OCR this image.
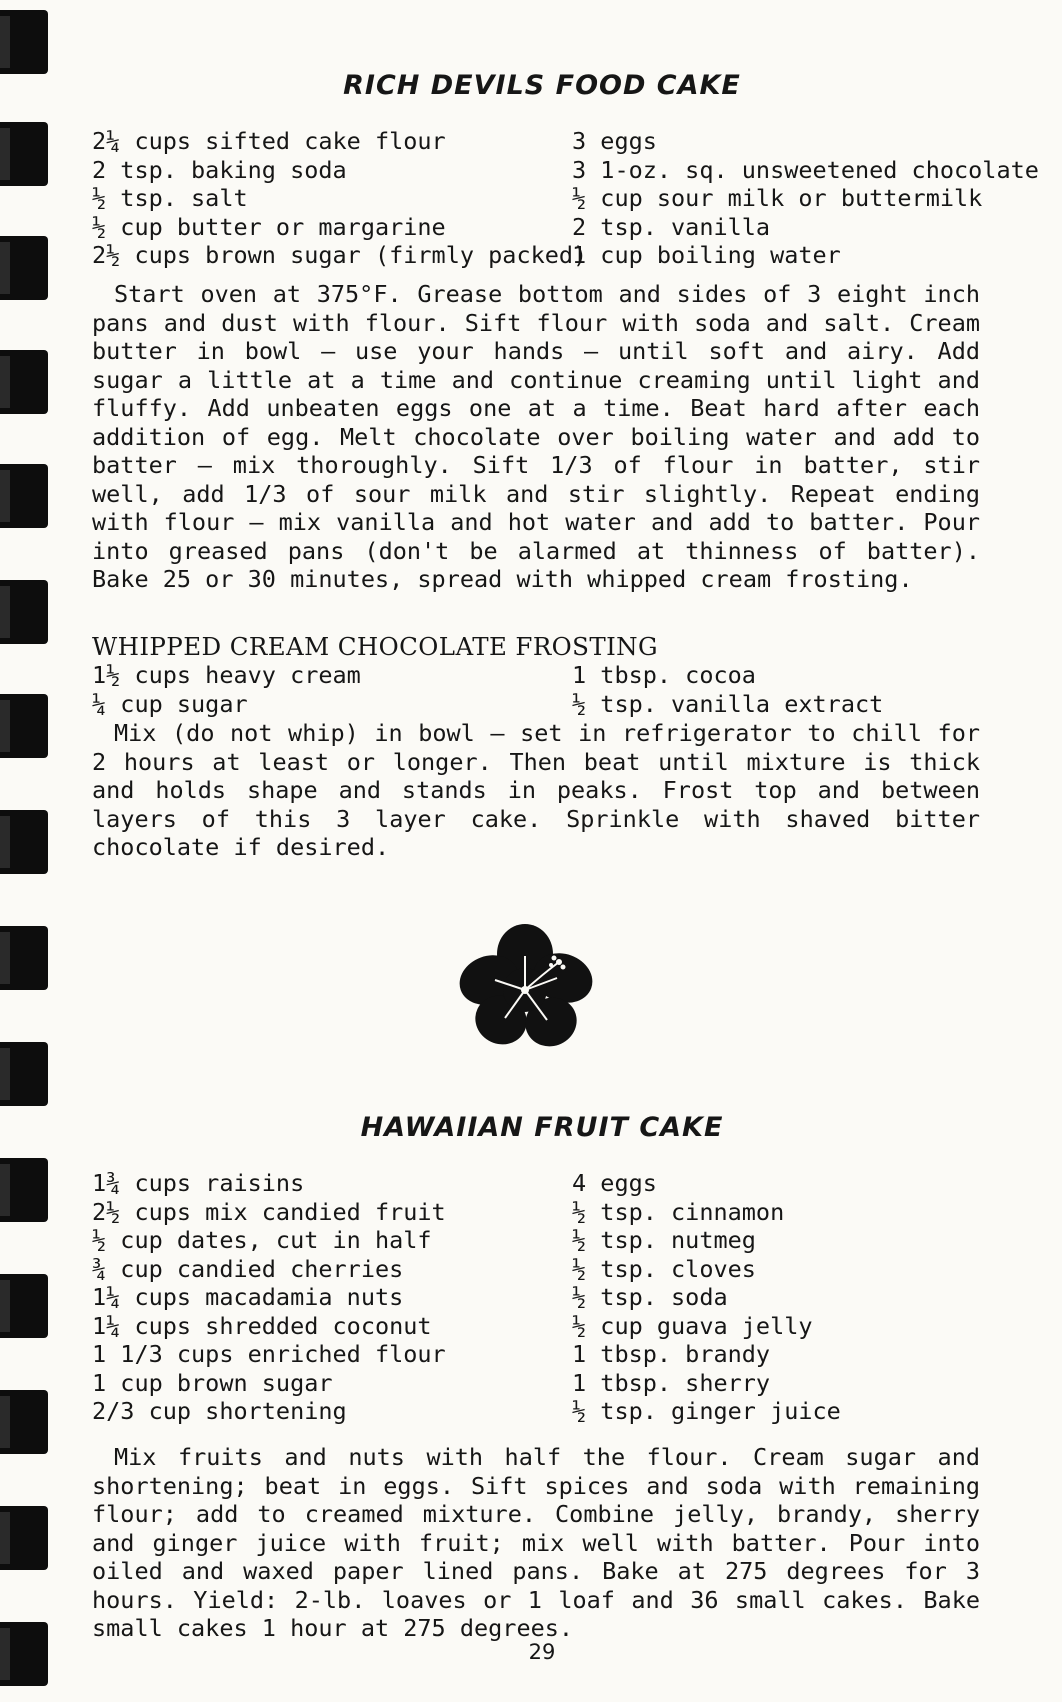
RICH DEVILS FOOD CAKE
2¼ cups sifted cake flour
2 tsp. baking soda
½ tsp. salt
½ cup butter or margarine
2½ cups brown sugar (firmly packed)
3 eggs
3 1-oz. sq. unsweetened chocolate
½ cup sour milk or buttermilk
2 tsp. vanilla
1 cup boiling water
Start oven at 375°F. Grease bottom and sides of 3 eight inch pans and dust with flour. Sift flour with soda and salt. Cream butter in bowl – use your hands – until soft and airy. Add sugar a little at a time and continue creaming until light and fluffy. Add unbeaten eggs one at a time. Beat hard after each addition of egg. Melt chocolate over boiling water and add to batter – mix thoroughly. Sift 1/3 of flour in batter, stir well, add 1/3 of sour milk and stir slightly. Repeat ending with flour – mix vanilla and hot water and add to batter. Pour into greased pans (don't be alarmed at thinness of batter). Bake 25 or 30 minutes, spread with whipped cream frosting.
WHIPPED CREAM CHOCOLATE FROSTING
1½ cups heavy cream
¼ cup sugar
1 tbsp. cocoa
½ tsp. vanilla extract
Mix (do not whip) in bowl – set in refrigerator to chill for 2 hours at least or longer. Then beat until mixture is thick and holds shape and stands in peaks. Frost top and between layers of this 3 layer cake. Sprinkle with shaved bitter chocolate if desired.
HAWAIIAN FRUIT CAKE
1¾ cups raisins
2½ cups mix candied fruit
½ cup dates, cut in half
¾ cup candied cherries
1¼ cups macadamia nuts
1¼ cups shredded coconut
1 1/3 cups enriched flour
1 cup brown sugar
2/3 cup shortening
4 eggs
½ tsp. cinnamon
½ tsp. nutmeg
½ tsp. cloves
½ tsp. soda
½ cup guava jelly
1 tbsp. brandy
1 tbsp. sherry
½ tsp. ginger juice
Mix fruits and nuts with half the flour. Cream sugar and shortening; beat in eggs. Sift spices and soda with remaining flour; add to creamed mixture. Combine jelly, brandy, sherry and ginger juice with fruit; mix well with batter. Pour into oiled and waxed paper lined pans. Bake at 275 degrees for 3 hours. Yield: 2-lb. loaves or 1 loaf and 36 small cakes. Bake small cakes 1 hour at 275 degrees.
29
